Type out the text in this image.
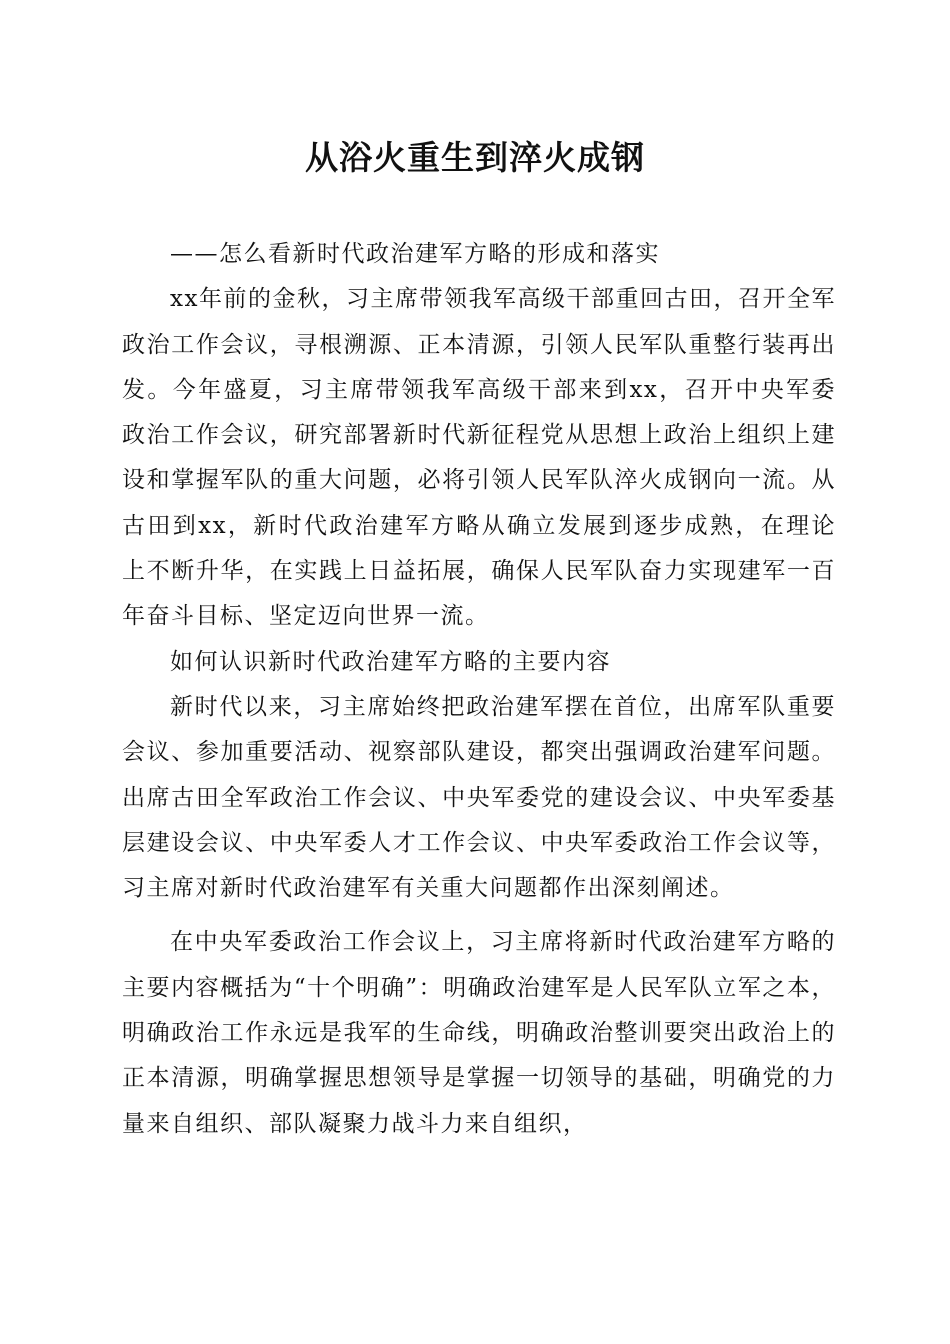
从浴火重生到淬火成钢

——怎么看新时代政治建军方略的形成和落实

xx年前的金秋，习主席带领我军高级干部重回古田，召开全军政治工作会议，寻根溯源、正本清源，引领人民军队重整行装再出发。今年盛夏，习主席带领我军高级干部来到xx，召开中央军委政治工作会议，研究部署新时代新征程党从思想上政治上组织上建设和掌握军队的重大问题，必将引领人民军队淬火成钢向一流。从古田到xx，新时代政治建军方略从确立发展到逐步成熟，在理论上不断升华，在实践上日益拓展，确保人民军队奋力实现建军一百年奋斗目标、坚定迈向世界一流。

如何认识新时代政治建军方略的主要内容

新时代以来，习主席始终把政治建军摆在首位，出席军队重要会议、参加重要活动、视察部队建设，都突出强调政治建军问题。出席古田全军政治工作会议、中央军委党的建设会议、中央军委基层建设会议、中央军委人才工作会议、中央军委政治工作会议等，习主席对新时代政治建军有关重大问题都作出深刻阐述。

在中央军委政治工作会议上，习主席将新时代政治建军方略的主要内容概括为“十个明确”：明确政治建军是人民军队立军之本，明确政治工作永远是我军的生命线，明确政治整训要突出政治上的正本清源，明确掌握思想领导是掌握一切领导的基础，明确党的力量来自组织、部队凝聚力战斗力来自组织，
